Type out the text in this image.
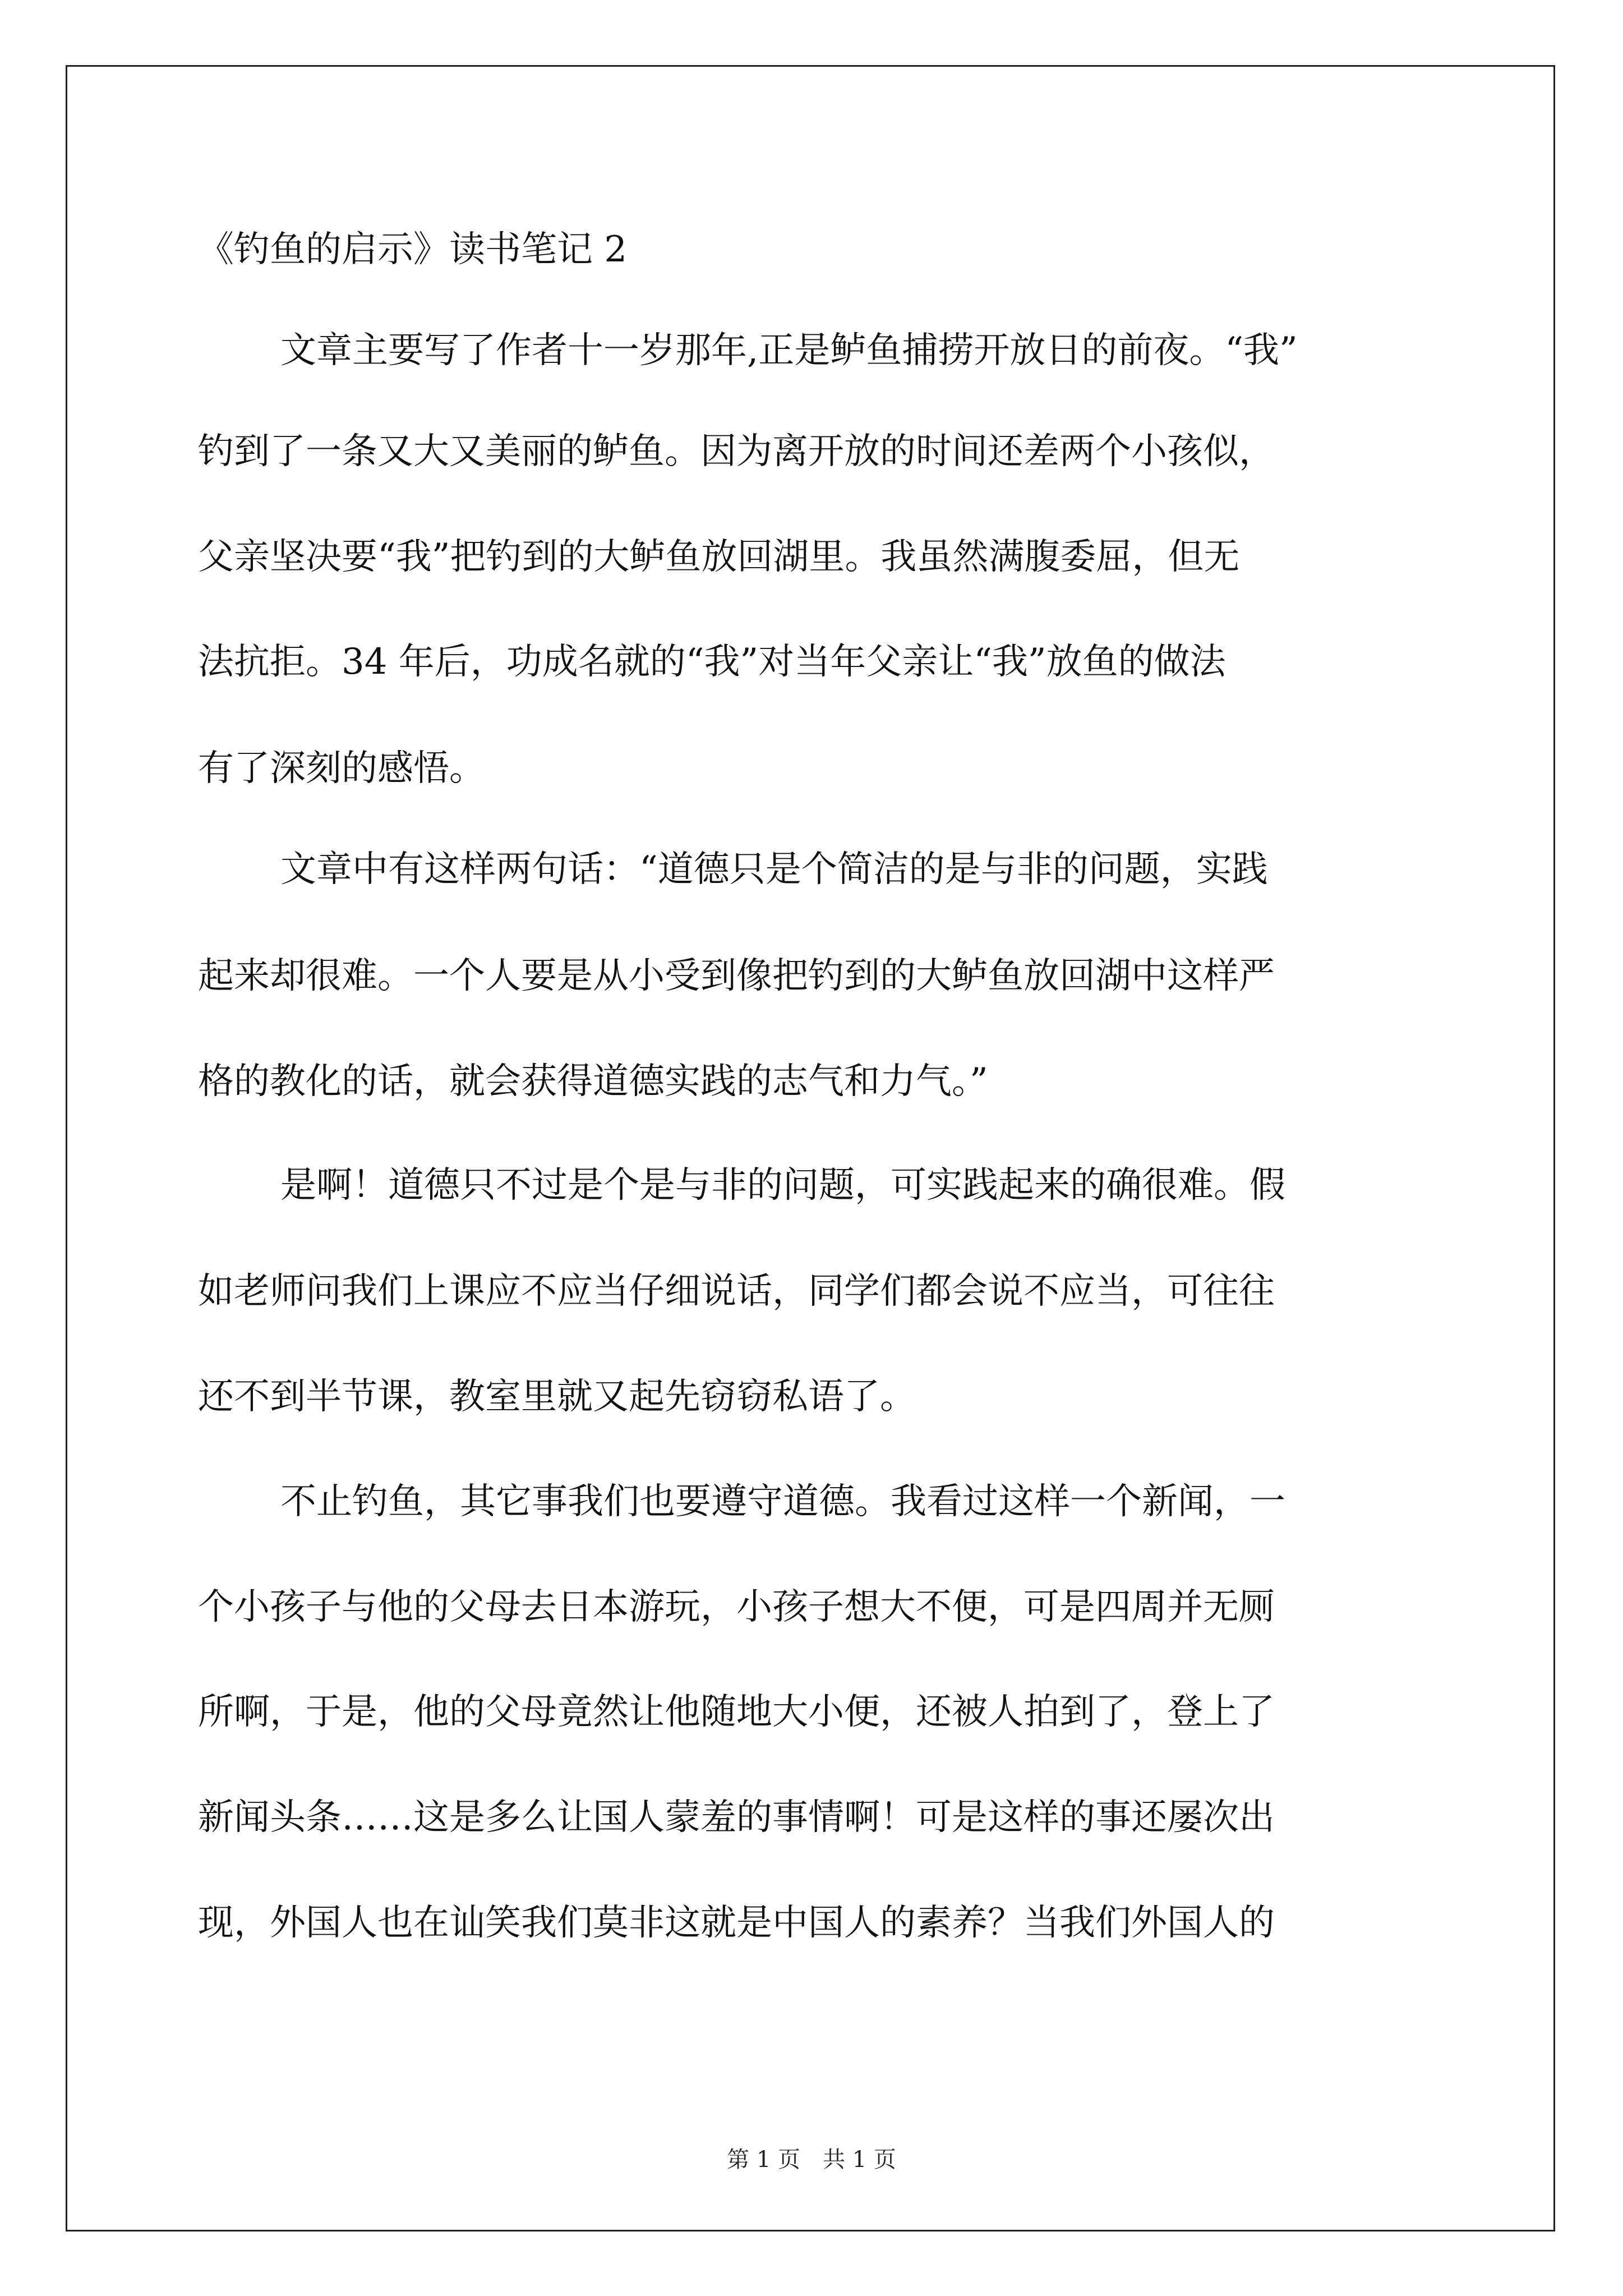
《钓鱼的启示》读书笔记 2

文章主要写了作者十一岁那年,正是鲈鱼捕捞开放日的前夜。“我”

钓到了一条又大又美丽的鲈鱼。因为离开放的时间还差两个小孩似，

父亲坚决要“我”把钓到的大鲈鱼放回湖里。我虽然满腹委屈，但无

法抗拒。34 年后，功成名就的“我”对当年父亲让“我”放鱼的做法

有了深刻的感悟。

文章中有这样两句话：“道德只是个简洁的是与非的问题，实践

起来却很难。一个人要是从小受到像把钓到的大鲈鱼放回湖中这样严

格的教化的话，就会获得道德实践的志气和力气。”

是啊！道德只不过是个是与非的问题，可实践起来的确很难。假

如老师问我们上课应不应当仔细说话，同学们都会说不应当，可往往

还不到半节课，教室里就又起先窃窃私语了。

不止钓鱼，其它事我们也要遵守道德。我看过这样一个新闻，一

个小孩子与他的父母去日本游玩，小孩子想大不便，可是四周并无厕

所啊，于是，他的父母竟然让他随地大小便，还被人拍到了，登上了

新闻头条……这是多么让国人蒙羞的事情啊！可是这样的事还屡次出

现，外国人也在讪笑我们莫非这就是中国人的素养？当我们外国人的

第 1 页　共 1 页
